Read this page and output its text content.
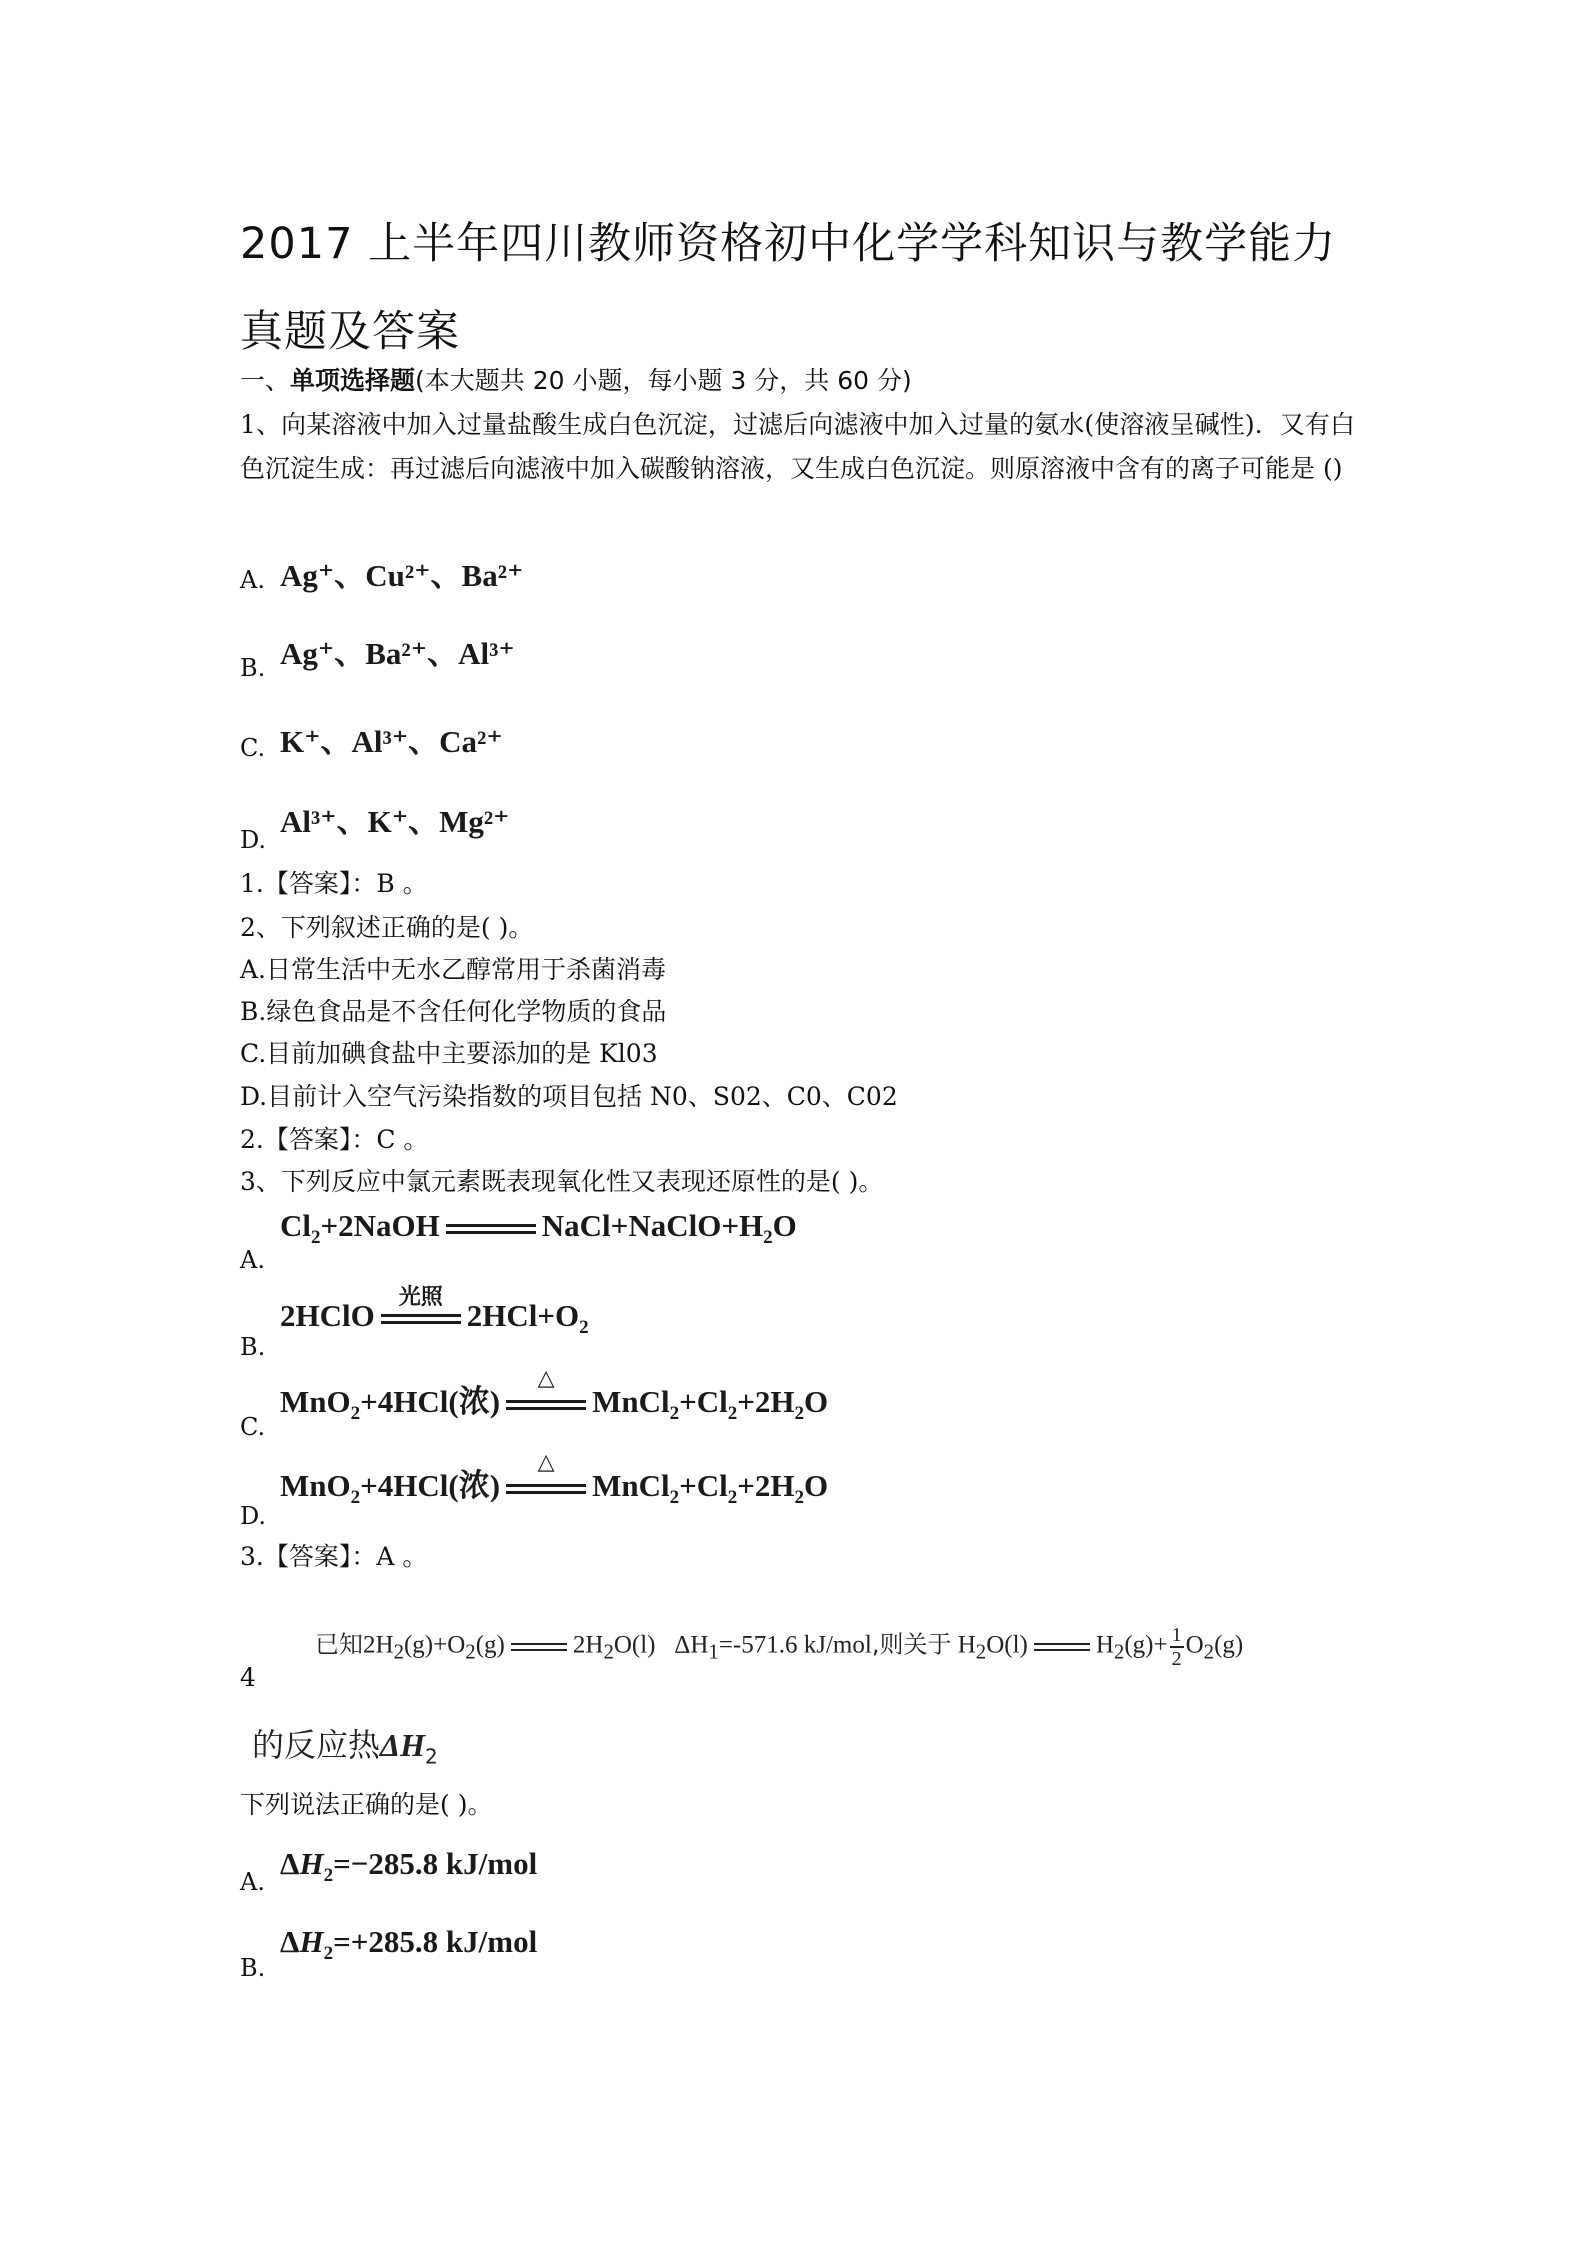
2017 上半年四川教师资格初中化学学科知识与教学能力真题及答案
一、单项选择题(本大题共 20 小题，每小题 3 分，共 60 分)
1、向某溶液中加入过量盐酸生成白色沉淀，过滤后向滤液中加入过量的氨水(使溶液呈碱性)．又有白色沉淀生成：再过滤后向滤液中加入碳酸钠溶液，又生成白色沉淀。则原溶液中含有的离子可能是 ()
A. Ag⁺、Cu²⁺、Ba²⁺
B. Ag⁺、Ba²⁺、Al³⁺
C. K⁺、Al³⁺、Ca²⁺
D.
Al³⁺、K⁺、Mg²⁺
1.【答案】：B 。
2、下列叙述正确的是( )。
A.日常生活中无水乙醇常用于杀菌消毒
B.绿色食品是不含任何化学物质的食品
C.目前加碘食盐中主要添加的是 Kl03
D.目前计入空气污染指数的项目包括 N0、S02、C0、C02
2.【答案】：C 。
3、下列反应中氯元素既表现氧化性又表现还原性的是( )。
A.
$Cl_2+2NaOH$	$NaCl+NaClO+H_2O$
B.
2HClO
光照
$2HCl+O_2$
C.
MnO$_2$+4HCl(浓)
△
$MnCl_2+Cl_2+2H_2O$
D.
MnO$_2$+4HCl(浓)
△
$MnCl_2+Cl_2+2H_2O$
3.【答案】：A 。
4
已知$2H_2(g)+O_2(g)$	$2H_2O(l)$   $\Delta H_1=-571.6$ kJ/mol,则关于 $H_2O(l)$	$H_2(g)+ \frac{1}{2} O_2(g)$
的反应热$\Delta H_2$
下列说法正确的是( )。
A.
$\Delta H_2=-285.8$ kJ/mol
B.
$\Delta H_2=+285.8$ kJ/mol
